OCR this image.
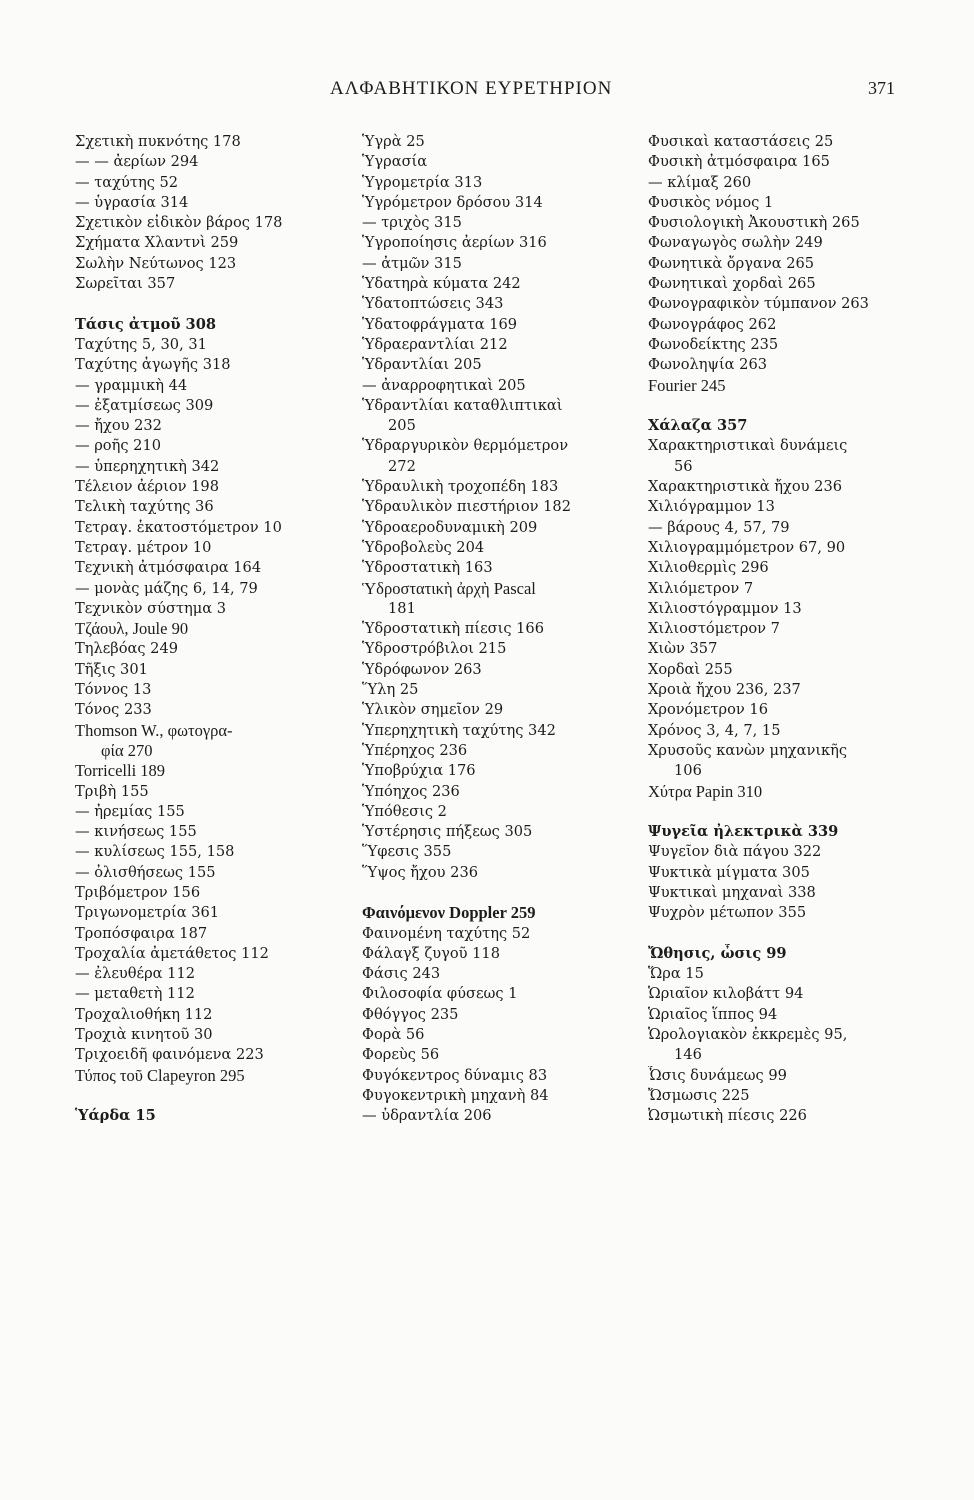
ΑΛΦΑΒΗΤΙΚΟΝ ΕΥΡΕΤΗΡΙΟΝ	371
Σχετικὴ πυκνότης 178
— — ἀερίων 294
— ταχύτης 52
— ὑγρασία 314
Σχετικὸν εἰδικὸν βάρος 178
Σχήματα Χλαντνὶ 259
Σωλὴν Νεύτωνος 123
Σωρεῖται 357
Τάσις ἀτμοῦ 308
Ταχύτης 5, 30, 31
Ταχύτης ἀγωγῆς 318
— γραμμικὴ 44
— ἐξατμίσεως 309
— ἤχου 232
— ροῆς 210
— ὑπερηχητικὴ 342
Τέλειον ἀέριον 198
Τελικὴ ταχύτης 36
Τετραγ. ἑκατοστόμετρον 10
Τετραγ. μέτρον 10
Τεχνικὴ ἀτμόσφαιρα 164
— μονὰς μάζης 6, 14, 79
Τεχνικὸν σύστημα 3
Τζάουλ, Joule 90
Τηλεβόας 249
Τῆξις 301
Τόννος 13
Τόνος 233
Thomson W., φωτογρα-
φία 270
Torricelli 189
Τριβὴ 155
— ἠρεμίας 155
— κινήσεως 155
— κυλίσεως 155, 158
— ὀλισθήσεως 155
Τριβόμετρον 156
Τριγωνομετρία 361
Τροπόσφαιρα 187
Τροχαλία ἀμετάθετος 112
— ἐλευθέρα 112
— μεταθετὴ 112
Τροχαλιοθήκη 112
Τροχιὰ κινητοῦ 30
Τριχοειδῆ φαινόμενα 223
Τύπος τοῦ Clapeyron 295
Ὑάρδα 15
Ὑγρὰ 25
Ὑγρασία
Ὑγρομετρία 313
Ὑγρόμετρον δρόσου 314
— τριχὸς 315
Ὑγροποίησις ἀερίων 316
— ἀτμῶν 315
Ὑδατηρὰ κύματα 242
Ὑδατοπτώσεις 343
Ὑδατοφράγματα 169
Ὑδραεραντλίαι 212
Ὑδραντλίαι 205
— ἀναρροφητικαὶ 205
Ὑδραντλίαι καταθλιπτικαὶ
205
Ὑδραργυρικὸν θερμόμετρον
272
Ὑδραυλικὴ τροχοπέδη 183
Ὑδραυλικὸν πιεστήριον 182
Ὑδροαεροδυναμικὴ 209
Ὑδροβολεὺς 204
Ὑδροστατικὴ 163
Ὑδροστατικὴ ἀρχὴ Pascal
181
Ὑδροστατικὴ πίεσις 166
Ὑδροστρόβιλοι 215
Ὑδρόφωνον 263
Ὕλη 25
Ὑλικὸν σημεῖον 29
Ὑπερηχητικὴ ταχύτης 342
Ὑπέρηχος 236
Ὑποβρύχια 176
Ὑπόηχος 236
Ὑπόθεσις 2
Ὑστέρησις πήξεως 305
Ὕφεσις 355
Ὕψος ἤχου 236
Φαινόμενον Doppler 259
Φαινομένη ταχύτης 52
Φάλαγξ ζυγοῦ 118
Φάσις 243
Φιλοσοφία φύσεως 1
Φθόγγος 235
Φορὰ 56
Φορεὺς 56
Φυγόκεντρος δύναμις 83
Φυγοκεντρικὴ μηχανὴ 84
— ὑδραντλία 206
Φυσικαὶ καταστάσεις 25
Φυσικὴ ἀτμόσφαιρα 165
— κλίμαξ 260
Φυσικὸς νόμος 1
Φυσιολογικὴ Ἀκουστικὴ 265
Φωναγωγὸς σωλὴν 249
Φωνητικὰ ὄργανα 265
Φωνητικαὶ χορδαὶ 265
Φωνογραφικὸν τύμπανον 263
Φωνογράφος 262
Φωνοδείκτης 235
Φωνοληψία 263
Fourier 245
Χάλαζα 357
Χαρακτηριστικαὶ δυνάμεις
56
Χαρακτηριστικὰ ἤχου 236
Χιλιόγραμμον 13
— βάρους 4, 57, 79
Χιλιογραμμόμετρον 67, 90
Χιλιοθερμὶς 296
Χιλιόμετρον 7
Χιλιοστόγραμμον 13
Χιλιοστόμετρον 7
Χιὼν 357
Χορδαὶ 255
Χροιὰ ἤχου 236, 237
Χρονόμετρον 16
Χρόνος 3, 4, 7, 15
Χρυσοῦς κανὼν μηχανικῆς
106
Χύτρα Papin 310
Ψυγεῖα ἠλεκτρικὰ 339
Ψυγεῖον διὰ πάγου 322
Ψυκτικὰ μίγματα 305
Ψυκτικαὶ μηχαναὶ 338
Ψυχρὸν μέτωπον 355
Ὤθησις, ὦσις 99
Ὥρα 15
Ὡριαῖον κιλοβάττ 94
Ὡριαῖος ἵππος 94
Ὡρολογιακὸν ἐκκρεμὲς 95,
146
Ὦσις δυνάμεως 99
Ὤσμωσις 225
Ὠσμωτικὴ πίεσις 226
